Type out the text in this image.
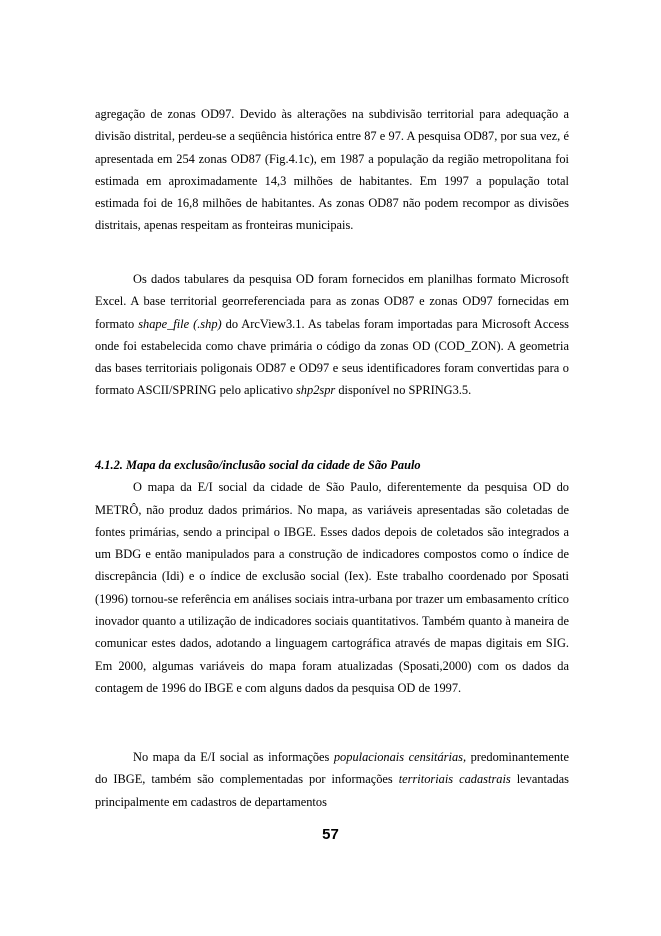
agregação de zonas OD97. Devido às alterações na subdivisão territorial para adequação a divisão distrital, perdeu-se a seqüência histórica entre 87 e 97. A pesquisa OD87, por sua vez, é apresentada em 254 zonas OD87 (Fig.4.1c), em 1987 a população da região metropolitana foi estimada em aproximadamente 14,3 milhões de habitantes. Em 1997 a população total estimada foi de 16,8 milhões de habitantes. As zonas OD87 não podem recompor as divisões distritais, apenas respeitam as fronteiras municipais.

Os dados tabulares da pesquisa OD foram fornecidos em planilhas formato Microsoft Excel. A base territorial georreferenciada para as zonas OD87 e zonas OD97 fornecidas em formato shape_file (.shp) do ArcView3.1. As tabelas foram importadas para Microsoft Access onde foi estabelecida como chave primária o código da zonas OD (COD_ZON). A geometria das bases territoriais poligonais OD87 e OD97 e seus identificadores foram convertidas para o formato ASCII/SPRING pelo aplicativo shp2spr disponível no SPRING3.5.

4.1.2. Mapa da exclusão/inclusão social da cidade de São Paulo

O mapa da E/I social da cidade de São Paulo, diferentemente da pesquisa OD do METRÔ, não produz dados primários. No mapa, as variáveis apresentadas são coletadas de fontes primárias, sendo a principal o IBGE. Esses dados depois de coletados são integrados a um BDG e então manipulados para a construção de indicadores compostos como o índice de discrepância (Idi) e o índice de exclusão social (Iex). Este trabalho coordenado por Sposati (1996) tornou-se referência em análises sociais intra-urbana por trazer um embasamento crítico inovador quanto a utilização de indicadores sociais quantitativos. Também quanto à maneira de comunicar estes dados, adotando a linguagem cartográfica através de mapas digitais em SIG. Em 2000, algumas variáveis do mapa foram atualizadas (Sposati,2000) com os dados da contagem de 1996 do IBGE e com alguns dados da pesquisa OD de 1997.

No mapa da E/I social as informações populacionais censitárias, predominantemente do IBGE, também são complementadas por informações territoriais cadastrais levantadas principalmente em cadastros de departamentos

57
